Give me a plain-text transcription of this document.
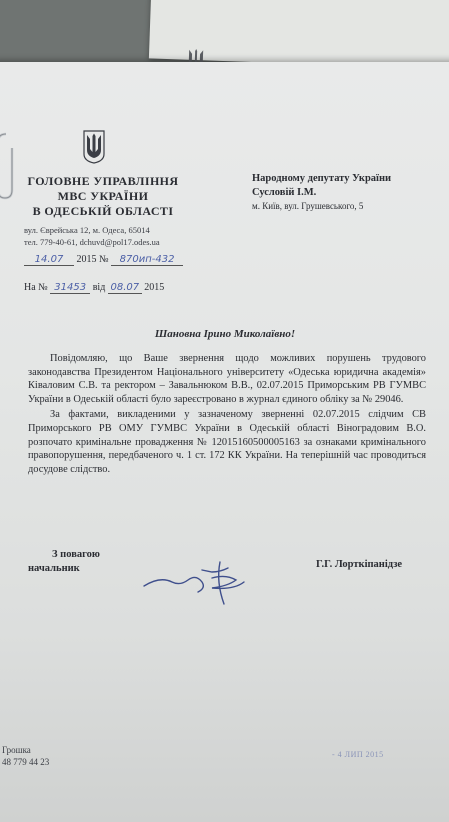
ГОЛОВНЕ УПРАВЛІННЯ
МВС УКРАЇНИ
В ОДЕСЬКІЙ ОБЛАСТІ
вул. Єврейська 12, м. Одеса, 65014
тел. 779-40-61, dchuvd@pol17.odes.ua
14.07 2015 № 870ип-432
На № 31453 від 08.07 2015
Народному депутату України
Сусловій І.М.
м. Київ, вул. Грушевського, 5
Шановна Ірино Миколаївно!

Повідомляю, що Ваше звернення щодо можливих порушень трудового законодавства Президентом Національного університету «Одеська юридична академія» Ківаловим С.В. та ректором – Завальнюком В.В., 02.07.2015 Приморським РВ ГУМВС України в Одеській області було зареєстровано в журнал єдиного обліку за № 29046.

За фактами, викладеними у зазначеному зверненні 02.07.2015 слідчим СВ Приморського РВ ОМУ ГУМВС України в Одеській області Віноградовим В.О. розпочато кримінальне провадження № 12015160500005163 за ознаками кримінального правопорушення, передбаченого ч. 1 ст. 172 КК України. На теперішній час проводиться досудове слідство.

З повагою
начальник	Г.Г. Лорткіпанідзе
Грошка
48 779 44 23
- 4 ЛИП 2015
